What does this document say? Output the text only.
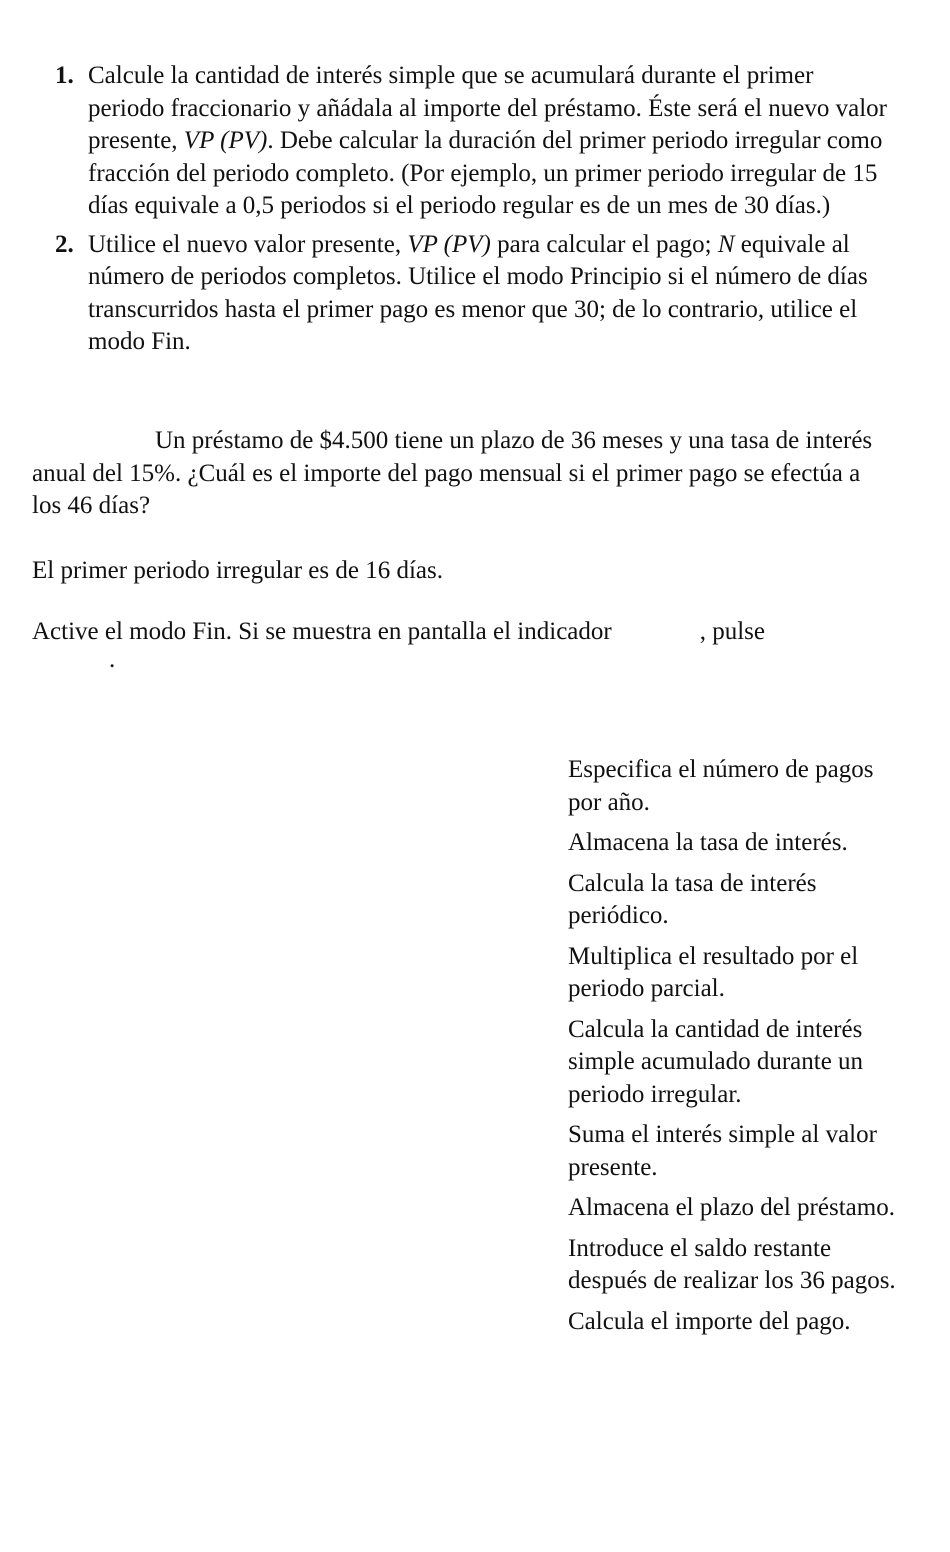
1. Calcule la cantidad de interés simple que se acumulará durante el primer periodo fraccionario y añádala al importe del préstamo. Éste será el nuevo valor presente, VP (PV). Debe calcular la duración del primer periodo irregular como fracción del periodo completo. (Por ejemplo, un primer periodo irregular de 15 días equivale a 0,5 periodos si el periodo regular es de un mes de 30 días.)
2. Utilice el nuevo valor presente, VP (PV) para calcular el pago; N equivale al número de periodos completos. Utilice el modo Principio si el número de días transcurridos hasta el primer pago es menor que 30; de lo contrario, utilice el modo Fin.
Un préstamo de $4.500 tiene un plazo de 36 meses y una tasa de interés anual del 15%. ¿Cuál es el importe del pago mensual si el primer pago se efectúa a los 46 días?
El primer periodo irregular es de 16 días.
Active el modo Fin. Si se muestra en pantalla el indicador	, pulse
.

Especifica el número de pagos por año.

Almacena la tasa de interés.

Calcula la tasa de interés periódico.

Multiplica el resultado por el periodo parcial.

Calcula la cantidad de interés simple acumulado durante un periodo irregular.

Suma el interés simple al valor presente.

Almacena el plazo del préstamo.

Introduce el saldo restante después de realizar los 36 pagos.

Calcula el importe del pago.
